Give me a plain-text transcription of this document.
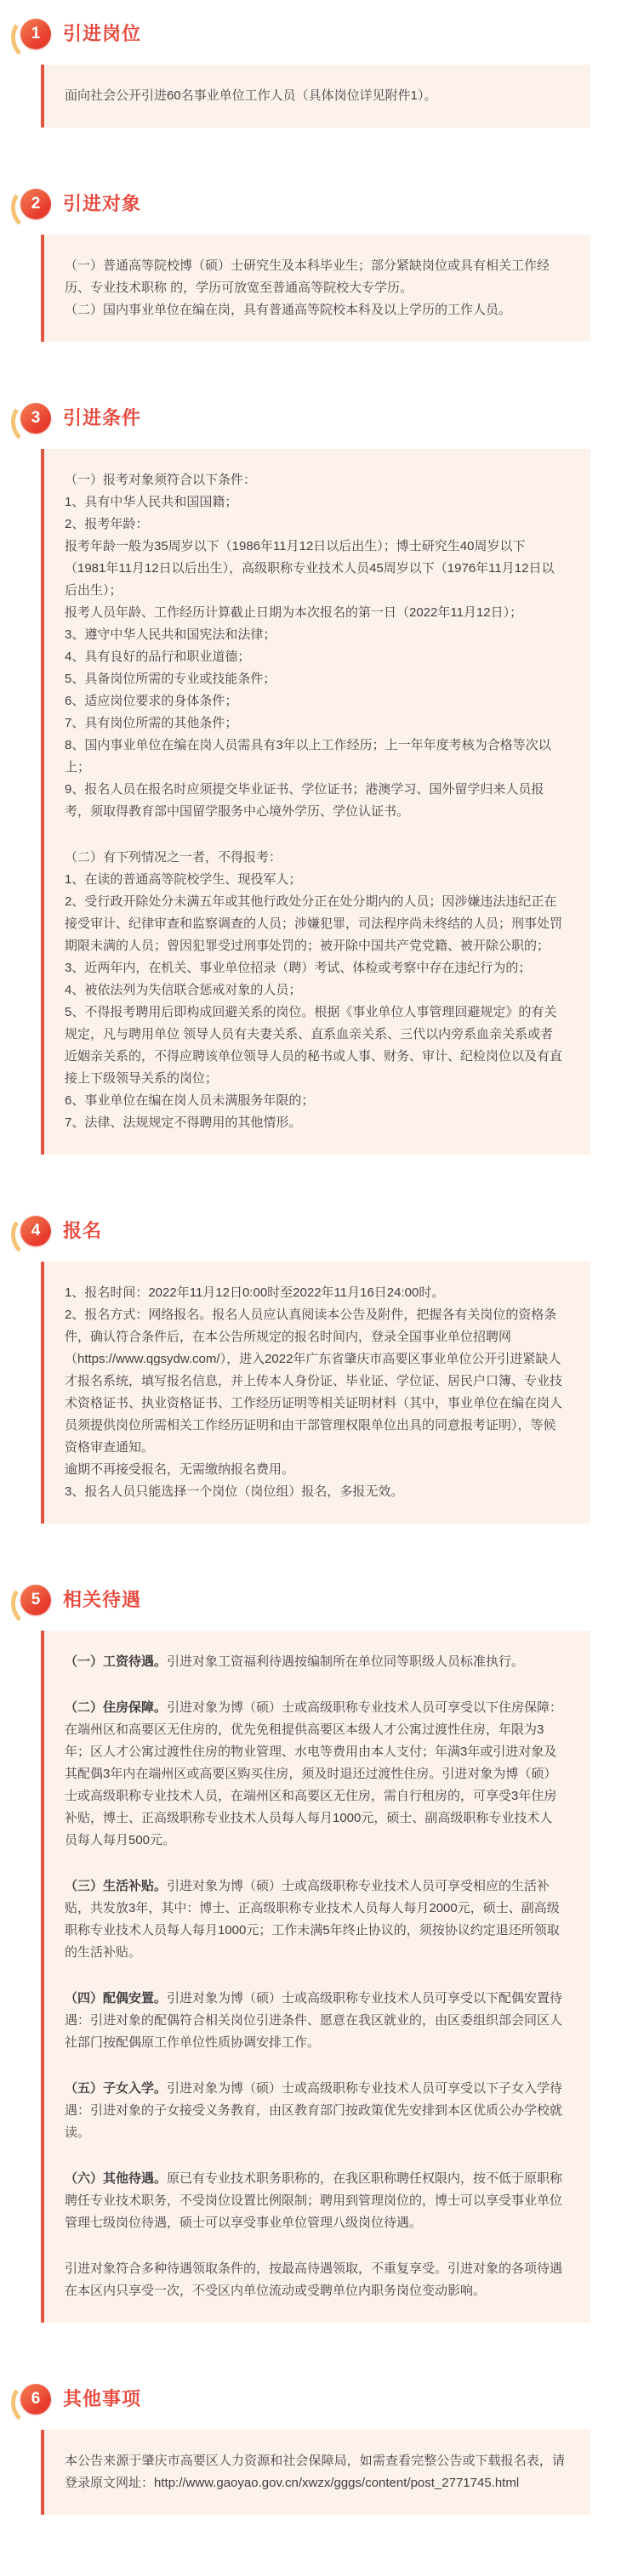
1	引进岗位

面向社会公开引进60名事业单位工作人员（具体岗位详见附件1）。

2	引进对象

（一）普通高等院校博（硕）士研究生及本科毕业生；部分紧缺岗位或具有相关工作经历、专业技术职称 的，学历可放宽至普通高等院校大专学历。

（二）国内事业单位在编在岗，具有普通高等院校本科及以上学历的工作人员。

3	引进条件

（一）报考对象须符合以下条件：

1、具有中华人民共和国国籍；

2、报考年龄：

报考年龄一般为35周岁以下（1986年11月12日以后出生）；博士研究生40周岁以下（1981年11月12日以后出生），高级职称专业技术人员45周岁以下（1976年11月12日以后出生）；

报考人员年龄、工作经历计算截止日期为本次报名的第一日（2022年11月12日）；

3、遵守中华人民共和国宪法和法律；

4、具有良好的品行和职业道德；

5、具备岗位所需的专业或技能条件；

6、适应岗位要求的身体条件；

7、具有岗位所需的其他条件；

8、国内事业单位在编在岗人员需具有3年以上工作经历；上一年年度考核为合格等次以上；

9、报名人员在报名时应须提交毕业证书、学位证书；港澳学习、国外留学归来人员报考，须取得教育部中国留学服务中心境外学历、学位认证书。

（二）有下列情况之一者，不得报考：

1、在读的普通高等院校学生、现役军人；

2、受行政开除处分未满五年或其他行政处分正在处分期内的人员；因涉嫌违法违纪正在接受审计、纪律审查和监察调查的人员；涉嫌犯罪，司法程序尚未终结的人员；刑事处罚期限未满的人员；曾因犯罪受过刑事处罚的；被开除中国共产党党籍、被开除公职的；

3、近两年内，在机关、事业单位招录（聘）考试、体检或考察中存在违纪行为的；

4、被依法列为失信联合惩戒对象的人员；

5、不得报考聘用后即构成回避关系的岗位。根据《事业单位人事管理回避规定》的有关规定，凡与聘用单位 领导人员有夫妻关系、直系血亲关系、三代以内旁系血亲关系或者近姻亲关系的，不得应聘该单位领导人员的秘书或人事、财务、审计、纪检岗位以及有直接上下级领导关系的岗位；

6、事业单位在编在岗人员未满服务年限的；

7、法律、法规规定不得聘用的其他情形。

4	报名

1、报名时间：2022年11月12日0:00时至2022年11月16日24:00时。

2、报名方式：网络报名。报名人员应认真阅读本公告及附件，把握各有关岗位的资格条件，确认符合条件后，在本公告所规定的报名时间内，登录全国事业单位招聘网（https://www.qgsydw.com/），进入2022年广东省肇庆市高要区事业单位公开引进紧缺人才报名系统，填写报名信息，并上传本人身份证、毕业证、学位证、居民户口簿、专业技术资格证书、执业资格证书、工作经历证明等相关证明材料（其中，事业单位在编在岗人员须提供岗位所需相关工作经历证明和由干部管理权限单位出具的同意报考证明），等候资格审查通知。

逾期不再接受报名，无需缴纳报名费用。

3、报名人员只能选择一个岗位（岗位组）报名，多报无效。

5	相关待遇

（一）工资待遇。引进对象工资福利待遇按编制所在单位同等职级人员标准执行。

（二）住房保障。引进对象为博（硕）士或高级职称专业技术人员可享受以下住房保障：在端州区和高要区无住房的，优先免租提供高要区本级人才公寓过渡性住房，年限为3年；区人才公寓过渡性住房的物业管理、水电等费用由本人支付；年满3年或引进对象及其配偶3年内在端州区或高要区购买住房，须及时退还过渡性住房。引进对象为博（硕）士或高级职称专业技术人员，在端州区和高要区无住房，需自行租房的，可享受3年住房补贴，博士、正高级职称专业技术人员每人每月1000元，硕士、副高级职称专业技术人员每人每月500元。

（三）生活补贴。引进对象为博（硕）士或高级职称专业技术人员可享受相应的生活补贴，共发放3年，其中：博士、正高级职称专业技术人员每人每月2000元，硕士、副高级职称专业技术人员每人每月1000元；工作未满5年终止协议的，须按协议约定退还所领取的生活补贴。

（四）配偶安置。引进对象为博（硕）士或高级职称专业技术人员可享受以下配偶安置待遇：引进对象的配偶符合相关岗位引进条件、愿意在我区就业的，由区委组织部会同区人社部门按配偶原工作单位性质协调安排工作。

（五）子女入学。引进对象为博（硕）士或高级职称专业技术人员可享受以下子女入学待遇：引进对象的子女接受义务教育，由区教育部门按政策优先安排到本区优质公办学校就读。

（六）其他待遇。原已有专业技术职务职称的，在我区职称聘任权限内，按不低于原职称聘任专业技术职务，不受岗位设置比例限制；聘用到管理岗位的，博士可以享受事业单位管理七级岗位待遇，硕士可以享受事业单位管理八级岗位待遇。

引进对象符合多种待遇领取条件的，按最高待遇领取，不重复享受。引进对象的各项待遇在本区内只享受一次，不受区内单位流动或受聘单位内职务岗位变动影响。

6	其他事项

本公告来源于肇庆市高要区人力资源和社会保障局，如需查看完整公告或下载报名表，请登录原文网址：http://www.gaoyao.gov.cn/xwzx/gggs/content/post_2771745.html
